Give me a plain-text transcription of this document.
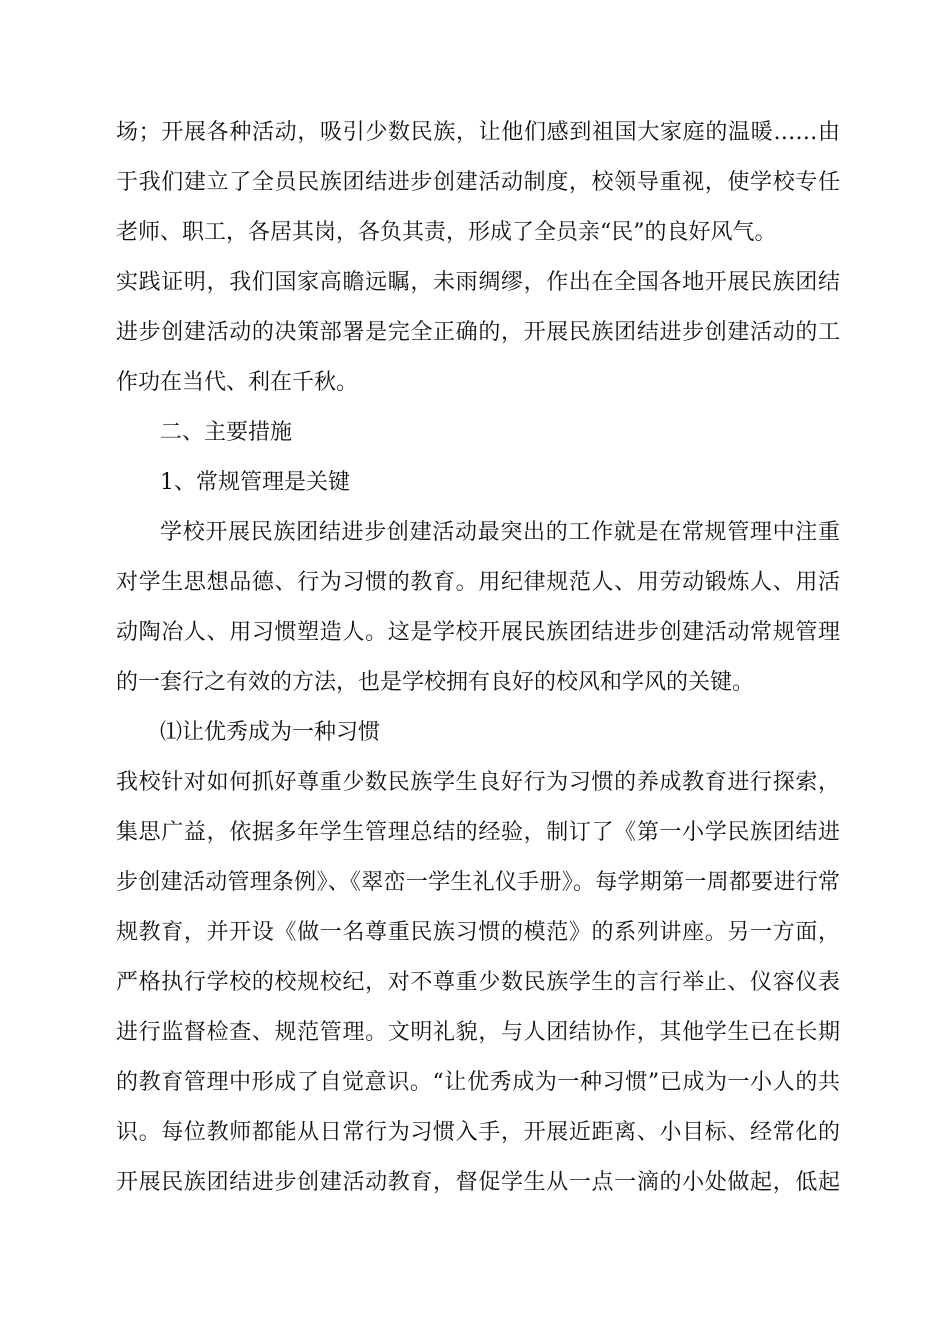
场；开展各种活动，吸引少数民族，让他们感到祖国大家庭的温暖……由
于我们建立了全员民族团结进步创建活动制度，校领导重视，使学校专任
老师、职工，各居其岗，各负其责，形成了全员亲“民”的良好风气。
实践证明，我们国家高瞻远瞩，未雨绸缪，作出在全国各地开展民族团结
进步创建活动的决策部署是完全正确的，开展民族团结进步创建活动的工
作功在当代、利在千秋。
二、主要措施
1、常规管理是关键
学校开展民族团结进步创建活动最突出的工作就是在常规管理中注重
对学生思想品德、行为习惯的教育。用纪律规范人、用劳动锻炼人、用活
动陶冶人、用习惯塑造人。这是学校开展民族团结进步创建活动常规管理
的一套行之有效的方法，也是学校拥有良好的校风和学风的关键。
⑴让优秀成为一种习惯
我校针对如何抓好尊重少数民族学生良好行为习惯的养成教育进行探索，
集思广益，依据多年学生管理总结的经验，制订了《第一小学民族团结进
步创建活动管理条例》、《翠峦一学生礼仪手册》。每学期第一周都要进行常
规教育，并开设《做一名尊重民族习惯的模范》的系列讲座。另一方面，
严格执行学校的校规校纪，对不尊重少数民族学生的言行举止、仪容仪表
进行监督检查、规范管理。文明礼貌，与人团结协作，其他学生已在长期
的教育管理中形成了自觉意识。“让优秀成为一种习惯”已成为一小人的共
识。每位教师都能从日常行为习惯入手，开展近距离、小目标、经常化的
开展民族团结进步创建活动教育，督促学生从一点一滴的小处做起，低起
